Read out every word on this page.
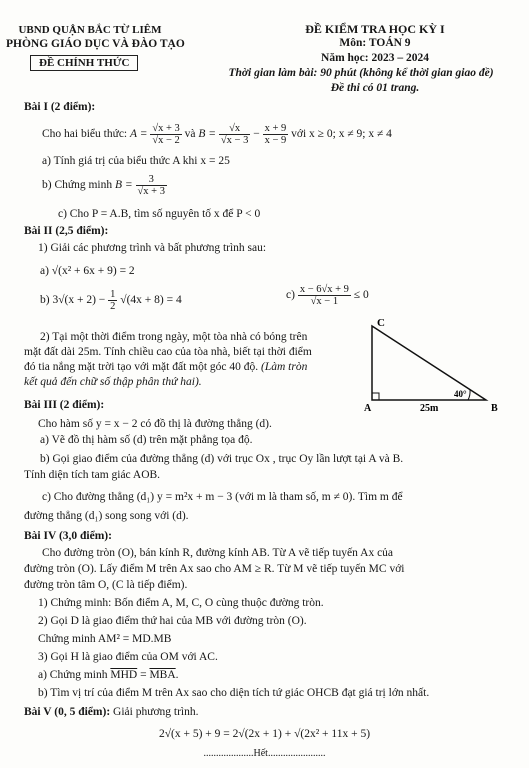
UBND QUẬN BẮC TỪ LIÊM
PHÒNG GIÁO DỤC VÀ ĐÀO TẠO
ĐỀ CHÍNH THỨC
ĐỀ KIỂM TRA HỌC KỲ I
Môn: TOÁN 9
Năm học: 2023 – 2024
Thời gian làm bài: 90 phút (không kể thời gian giao đề)
Đề thi có 01 trang.
Bài I (2 điểm):
Cho hai biểu thức: $A = \frac{√x + 3}{√x - 2}$ và $B = \frac{√x}{√x - 3} - \frac{x + 9}{x - 9}$ với x ≥ 0; x ≠ 9; x ≠ 4
a) Tính giá trị của biểu thức A khi x = 25
b) Chứng minh $B = \frac{3}{√x + 3}$
c) Cho P = A.B, tìm số nguyên tố x để P < 0
Bài II (2,5 điểm):
1) Giải các phương trình và bất phương trình sau:
a) √(x² + 6x + 9) = 2
$c) \frac{x - 6√x + 9}{√x - 1} \le 0$
b) $3√(x + 2) - \frac{1}{2} √(4x + 8) = 4$
2) Tại một thời điểm trong ngày, một tòa nhà có bóng trên
mặt đất dài 25m. Tính chiều cao của tòa nhà, biết tại thời điểm
đó tia nắng mặt trời tạo với mặt đất một góc 40 độ. (Làm tròn
kết quả đến chữ số thập phân thứ hai).
C
A	B
25m
40°
Bài III (2 điểm):
Cho hàm số y = x − 2 có đồ thị là đường thẳng (d).
a) Vẽ đồ thị hàm số (d) trên mặt phẳng tọa độ.
b) Gọi giao điểm của đường thẳng (d) với trục Ox , trục Oy lần lượt tại A và B.
Tính diện tích tam giác AOB.
c) Cho đường thẳng (d₁) y = m²x + m − 3 (với m là tham số, m ≠ 0). Tìm m để
đường thẳng (d₁) song song với (d).
Bài IV (3,0 điểm):
Cho đường tròn (O), bán kính R, đường kính AB. Từ A vẽ tiếp tuyến Ax của
đường tròn (O). Lấy điểm M trên Ax sao cho AM ≥ R. Từ M vẽ tiếp tuyến MC với
đường tròn tâm O, (C là tiếp điểm).
1) Chứng minh: Bốn điểm A, M, C, O cùng thuộc đường tròn.
2) Gọi D là giao điểm thứ hai của MB với đường tròn (O).
Chứng minh AM² = MD.MB
3) Gọi H là giao điểm của OM với AC.
a) Chứng minh $\overline{MHD} = \overline{MBA}$.
b) Tìm vị trí của điểm M trên Ax sao cho diện tích tứ giác OHCB đạt giá trị lớn nhất.
Bài V (0, 5 điểm): Giải phương trình.
2√(x + 5) + 9 = 2√(2x + 1) + √(2x² + 11x + 5)
....................Hết.......................
